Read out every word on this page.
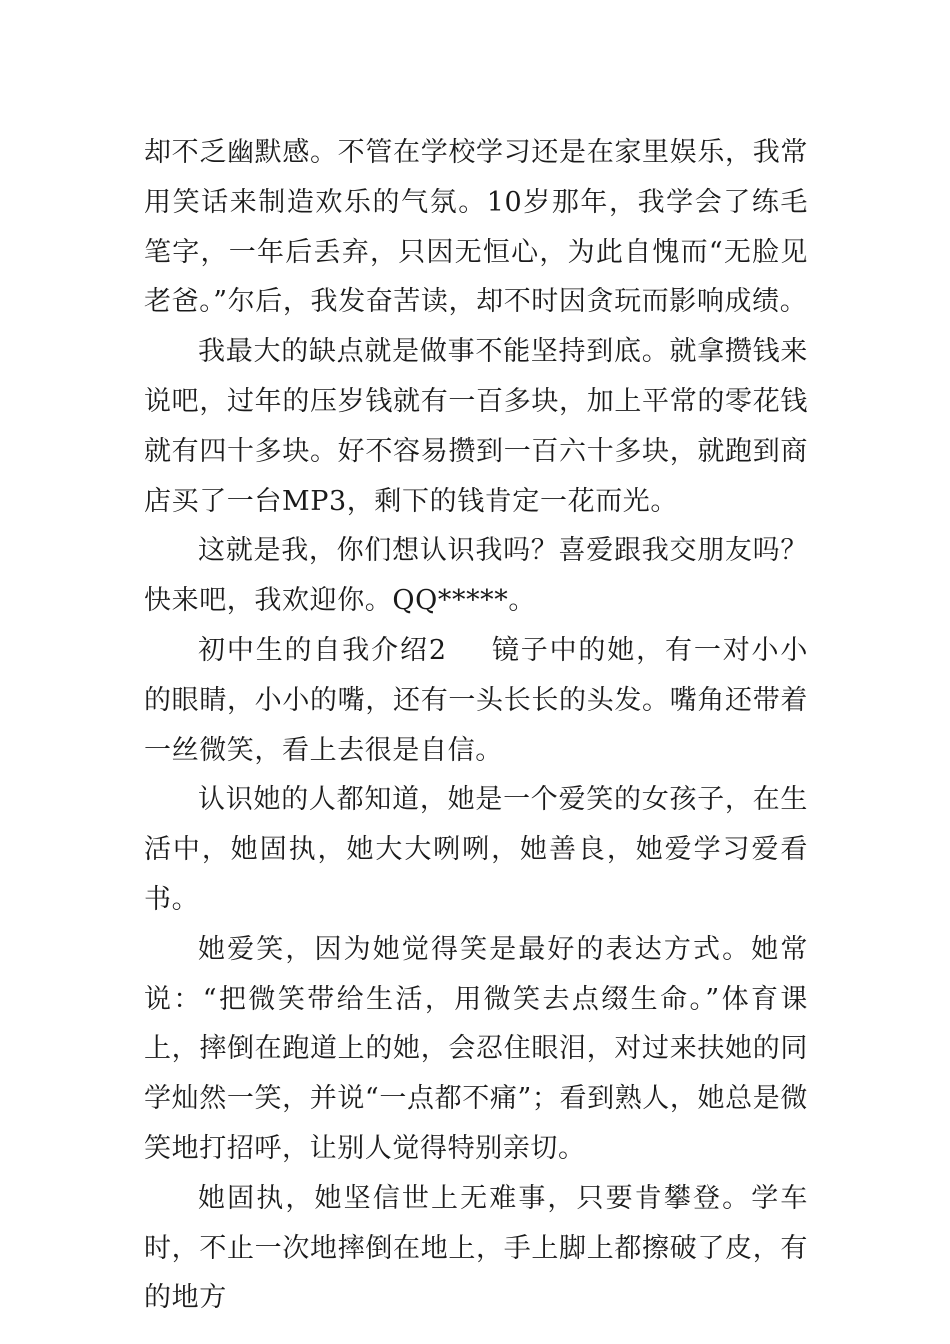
却不乏幽默感。不管在学校学习还是在家里娱乐，我常用笑话来制造欢乐的气氛。10岁那年，我学会了练毛笔字，一年后丢弃，只因无恒心，为此自愧而“无脸见老爸。”尔后，我发奋苦读，却不时因贪玩而影响成绩。

我最大的缺点就是做事不能坚持到底。就拿攒钱来说吧，过年的压岁钱就有一百多块，加上平常的零花钱就有四十多块。好不容易攒到一百六十多块，就跑到商店买了一台MP3，剩下的钱肯定一花而光。

这就是我，你们想认识我吗？喜爱跟我交朋友吗？快来吧，我欢迎你。QQ*****。

初中生的自我介绍2 镜子中的她，有一对小小的眼睛，小小的嘴，还有一头长长的头发。嘴角还带着一丝微笑，看上去很是自信。

认识她的人都知道，她是一个爱笑的女孩子，在生活中，她固执，她大大咧咧，她善良，她爱学习爱看书。

她爱笑，因为她觉得笑是最好的表达方式。她常说：“把微笑带给生活，用微笑去点缀生命。”体育课上，摔倒在跑道上的她，会忍住眼泪，对过来扶她的同学灿然一笑，并说“一点都不痛”；看到熟人，她总是微笑地打招呼，让别人觉得特别亲切。

她固执，她坚信世上无难事，只要肯攀登。学车时，不止一次地摔倒在地上，手上脚上都擦破了皮，有的地方
